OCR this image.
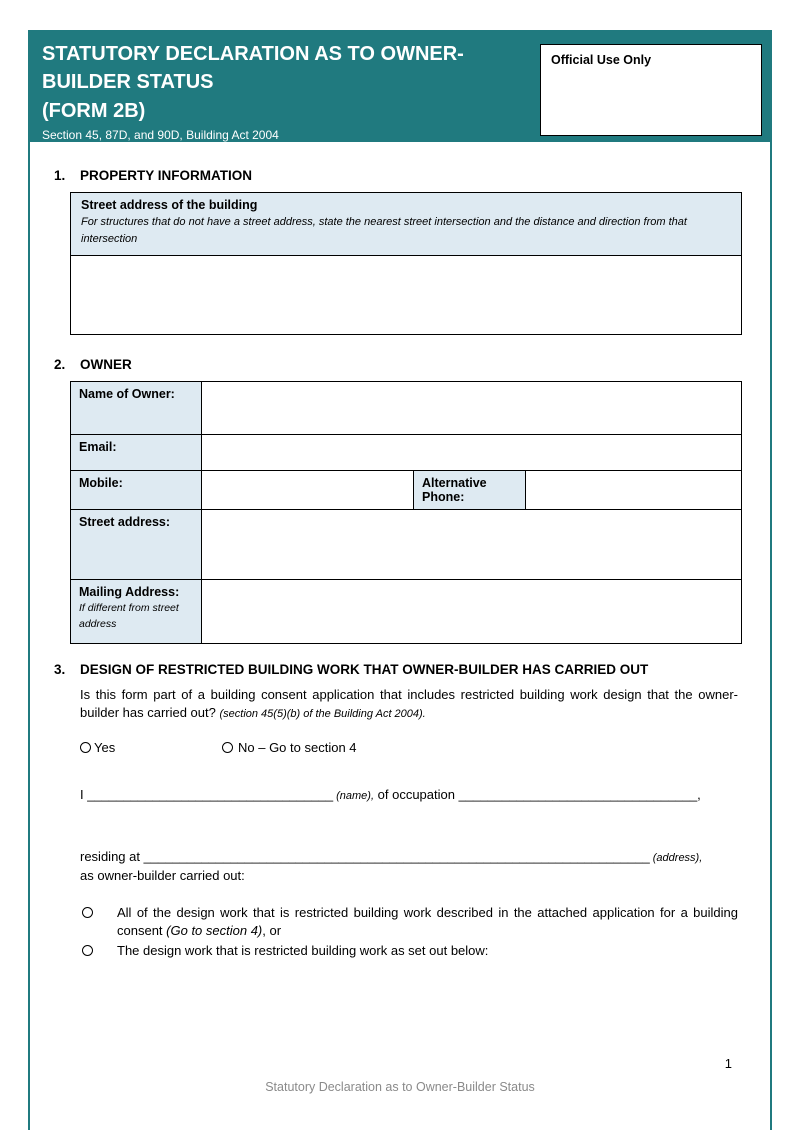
STATUTORY DECLARATION AS TO OWNER-
BUILDER STATUS
(FORM 2B)
Section 45, 87D, and 90D, Building Act 2004
Official Use Only
1.	PROPERTY INFORMATION
Street address of the building
For structures that do not have a street address, state the nearest street intersection and the distance and direction from that intersection
2.	OWNER
Name of Owner:
Email:
Mobile:	Alternative Phone:
Street address:
Mailing Address:
If different from street address
3.	DESIGN OF RESTRICTED BUILDING WORK THAT OWNER-BUILDER HAS CARRIED OUT
Is this form part of a building consent application that includes restricted building work design that the owner-builder has carried out? (section 45(5)(b) of the Building Act 2004).
Yes	No – Go to section 4
I __________________________________ (name), of occupation _________________________________,
residing at ______________________________________________________________________ (address),
as owner-builder carried out:
All of the design work that is restricted building work described in the attached application for a building consent (Go to section 4), or
The design work that is restricted building work as set out below:
1
Statutory Declaration as to Owner-Builder Status
